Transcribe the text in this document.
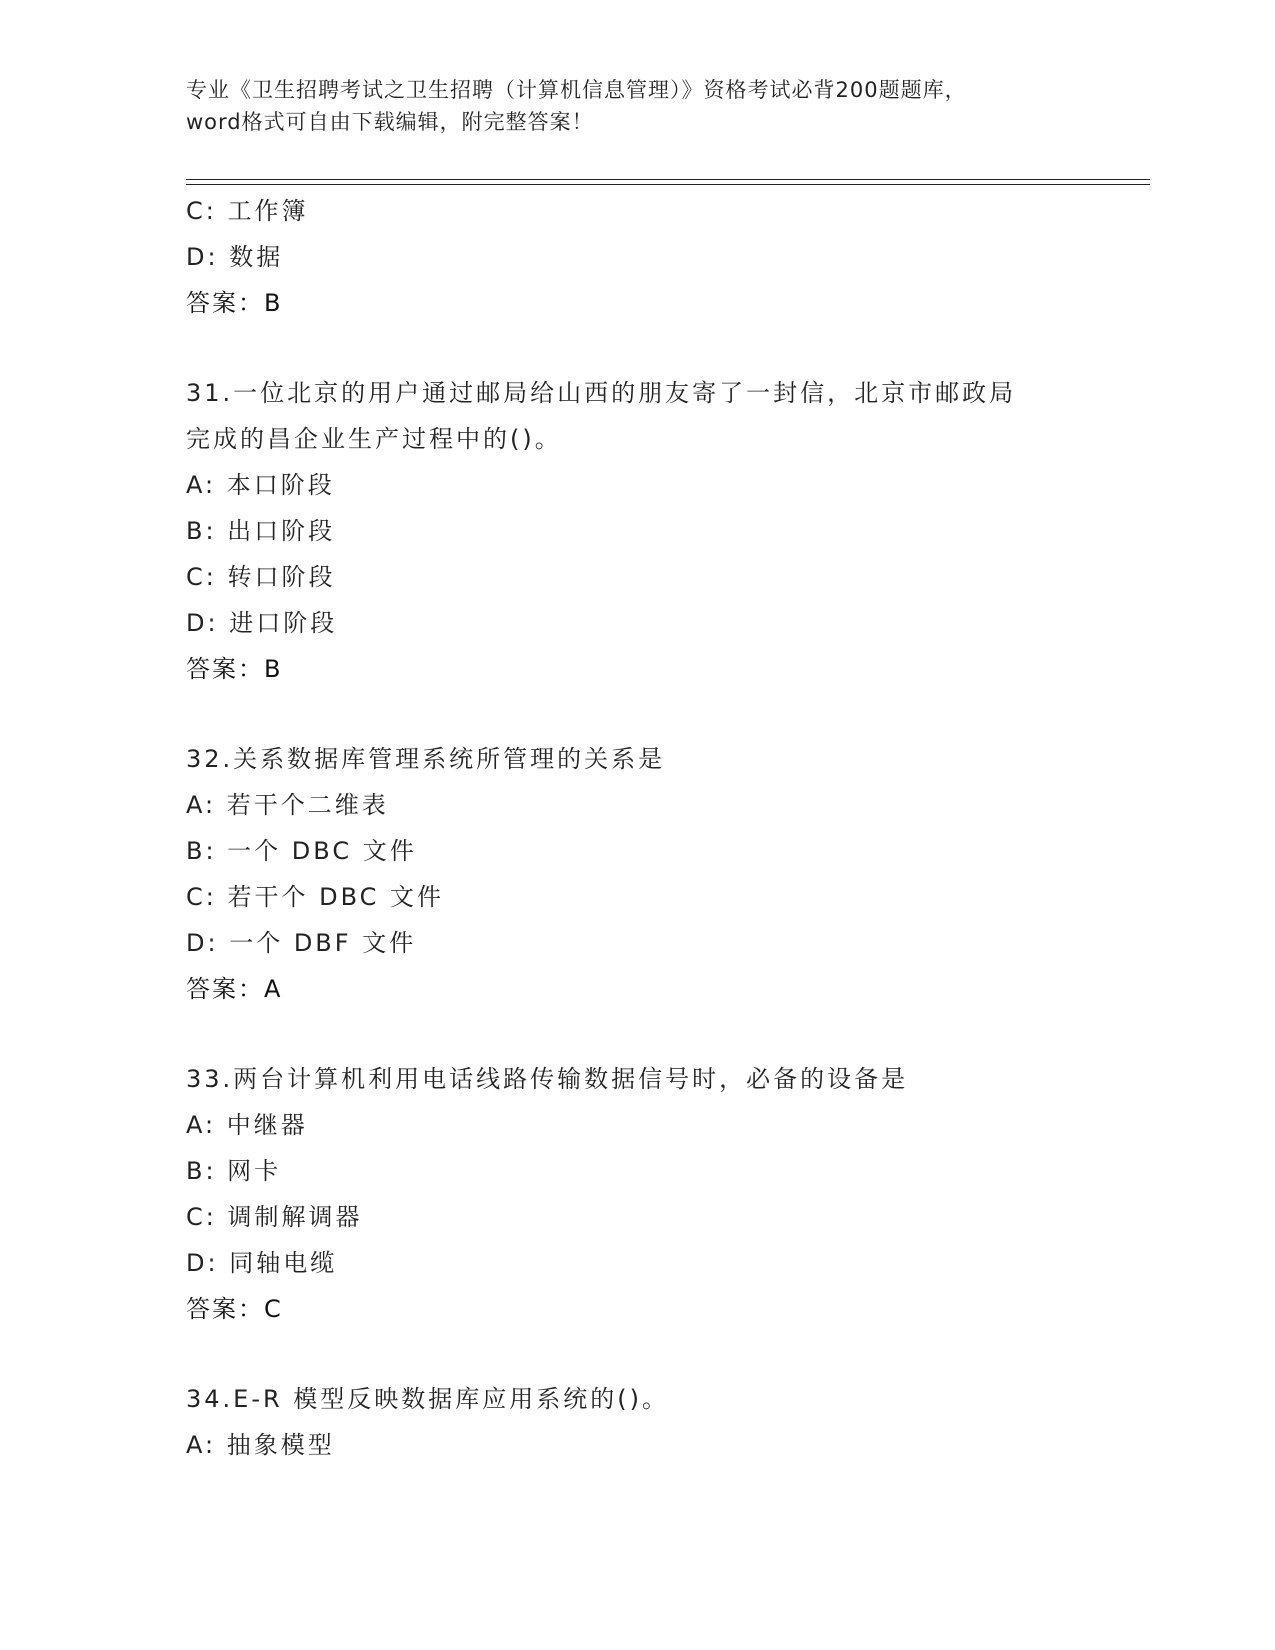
专业《卫生招聘考试之卫生招聘（计算机信息管理）》资格考试必背200题题库，
word格式可自由下载编辑，附完整答案！
C: 工作簿
D: 数据
答案：B
31.一位北京的用户通过邮局给山西的朋友寄了一封信，北京市邮政局
完成的昌企业生产过程中的()。
A: 本口阶段
B: 出口阶段
C: 转口阶段
D: 进口阶段
答案：B
32.关系数据库管理系统所管理的关系是
A: 若干个二维表
B: 一个 DBC 文件
C: 若干个 DBC 文件
D: 一个 DBF 文件
答案：A
33.两台计算机利用电话线路传输数据信号时，必备的设备是
A: 中继器
B: 网卡
C: 调制解调器
D: 同轴电缆
答案：C
34.E-R 模型反映数据库应用系统的()。
A: 抽象模型
